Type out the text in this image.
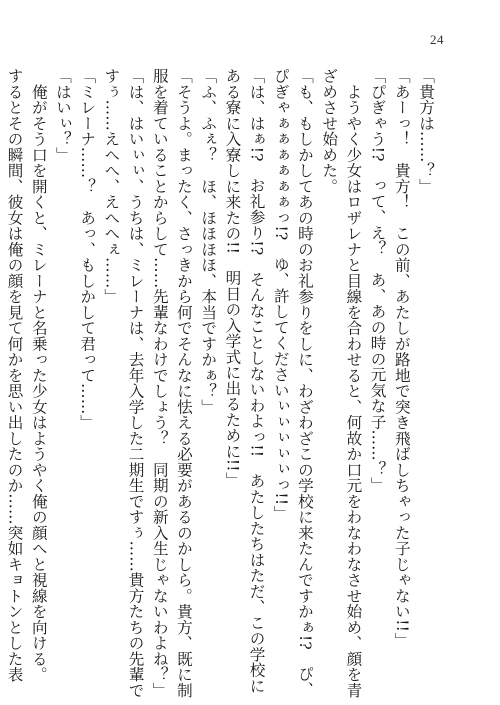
24
「貴方は……？」
「あーっ！　貴方！　この前、あたしが路地で突き飛ばしちゃった子じゃない!!」
「ぴぎゃう!?　って、え？　あ、あの時の元気な子……？」
　ようやく少女はロザレナと目線を合わせると、何故か口元をわなわなさせ始め、顔を青
ざめさせ始めた。
「も、もしかしてあの時のお礼参りをしに、わざわざこの学校に来たんですかぁ!?　ぴ、
ぴぎゃぁぁぁぁぁぁっ!?　ゆ、許してくださいぃぃぃぃぃっ!!」
「は、はぁ!?　お礼参り!?　そんなことしないわよっ!!　あたしたちはただ、この学校に
ある寮に入寮しに来たの!!　明日の入学式に出るために!!」
「ふ、ふぇ？　ほ、ほほほほ、本当ですかぁ？」
「そうよ。まったく、さっきから何でそんなに怯える必要があるのかしら。貴方、既に制
服を着ていることからして……先輩なわけでしょう？　同期の新入生じゃないわよね？」
「は、はいぃぃ、うちは、ミレーナは、去年入学した二期生ですぅ……貴方たちの先輩で
すぅ……えへへ、えへへぇ……」
「ミレーナ……？　あっ、もしかして君って……」
「はいぃ？」
　俺がそう口を開くと、ミレーナと名乗った少女はようやく俺の顔へと視線を向ける。
するとその瞬間、彼女は俺の顔を見て何かを思い出したのか……突如キョトンとした表
